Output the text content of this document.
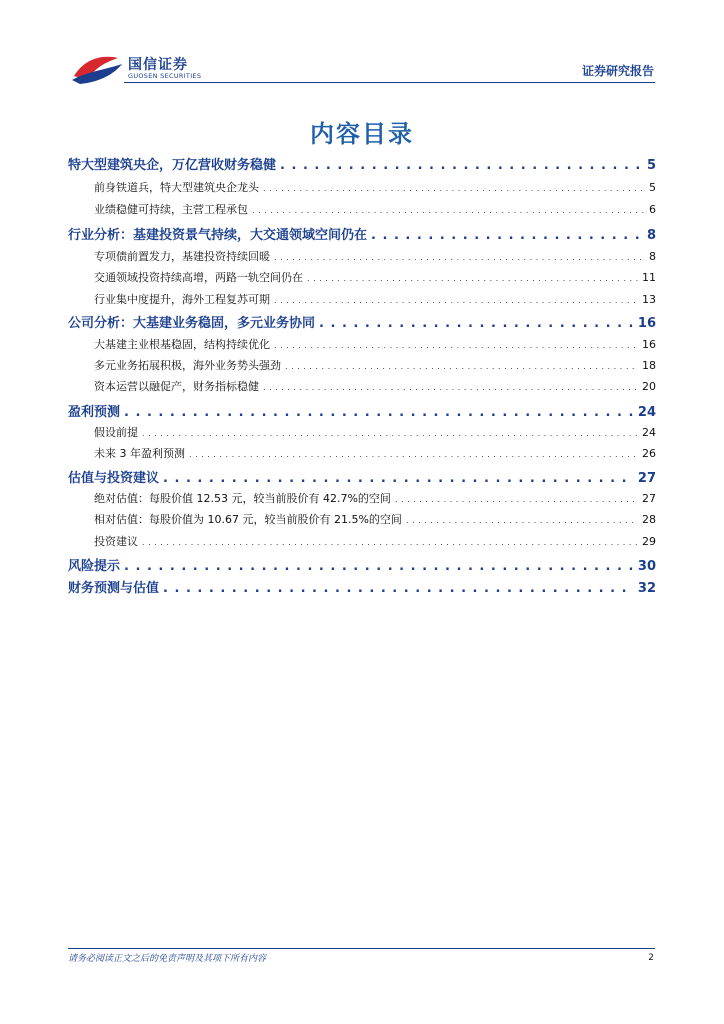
国信证券
GUOSEN SECURITIES	证券研究报告
内容目录
特大型建筑央企，万亿营收财务稳健 . . .	5
前身铁道兵，特大型建筑央企龙头 . . .	5
业绩稳健可持续，主营工程承包 . . .	6
行业分析：基建投资景气持续，大交通领域空间仍在 . . .	8
专项债前置发力，基建投资持续回暖 . . .	8
交通领域投资持续高增，两路一轨空间仍在 . . .	11
行业集中度提升，海外工程复苏可期 . . .	13
公司分析：大基建业务稳固，多元业务协同 . . .	16
大基建主业根基稳固，结构持续优化 . . .	16
多元业务拓展积极，海外业务势头强劲 . . .	18
资本运营以融促产，财务指标稳健 . . .	20
盈利预测 . . .	24
假设前提 . . .	24
未来 3 年盈利预测 . . .	26
估值与投资建议 . . .	27
绝对估值：每股价值 12.53 元，较当前股价有 42.7%的空间 . . .	27
相对估值：每股价值为 10.67 元，较当前股价有 21.5%的空间 . . .	28
投资建议 . . .	29
风险提示 . . .	30
财务预测与估值 . . .	32
请务必阅读正文之后的免责声明及其项下所有内容	2
